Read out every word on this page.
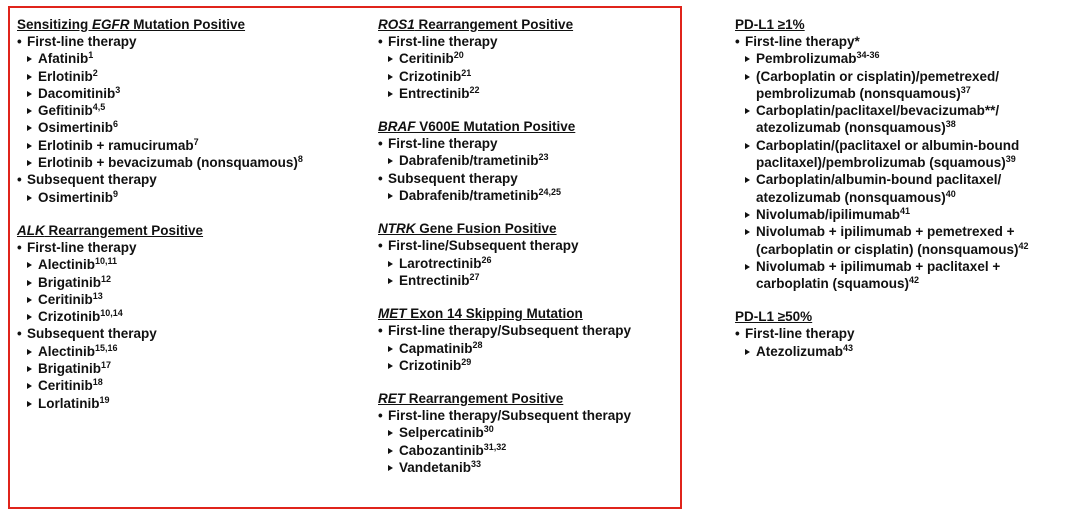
Sensitizing EGFR Mutation Positive
• First-line therapy
Afatinib$^1$
Erlotinib$^2$
Dacomitinib$^3$
Gefitinib$^{4,5}$
Osimertinib$^6$
Erlotinib + ramucirumab$^7$
Erlotinib + bevacizumab (nonsquamous)$^8$
• Subsequent therapy
Osimertinib$^9$
ALK Rearrangement Positive
• First-line therapy
Alectinib$^{10,11}$
Brigatinib$^{12}$
Ceritinib$^{13}$
Crizotinib$^{10,14}$
• Subsequent therapy
Alectinib$^{15,16}$
Brigatinib$^{17}$
Ceritinib$^{18}$
Lorlatinib$^{19}$
ROS1 Rearrangement Positive
• First-line therapy
Ceritinib$^{20}$
Crizotinib$^{21}$
Entrectinib$^{22}$
BRAF V600E Mutation Positive
• First-line therapy
Dabrafenib/trametinib$^{23}$
• Subsequent therapy
Dabrafenib/trametinib$^{24,25}$
NTRK Gene Fusion Positive
• First-line/Subsequent therapy
Larotrectinib$^{26}$
Entrectinib$^{27}$
MET Exon 14 Skipping Mutation
• First-line therapy/Subsequent therapy
Capmatinib$^{28}$
Crizotinib$^{29}$
RET Rearrangement Positive
• First-line therapy/Subsequent therapy
Selpercatinib$^{30}$
Cabozantinib$^{31,32}$
Vandetanib$^{33}$
PD-L1 ≥1%
• First-line therapy*
Pembrolizumab$^{34-36}$
(Carboplatin or cisplatin)/pemetrexed/
pembrolizumab (nonsquamous)$^{37}$
Carboplatin/paclitaxel/bevacizumab**/
atezolizumab (nonsquamous)$^{38}$
Carboplatin/(paclitaxel or albumin-bound
paclitaxel)/pembrolizumab (squamous)$^{39}$
Carboplatin/albumin-bound paclitaxel/
atezolizumab (nonsquamous)$^{40}$
Nivolumab/ipilimumab$^{41}$
Nivolumab + ipilimumab + pemetrexed +
(carboplatin or cisplatin) (nonsquamous)$^{42}$
Nivolumab + ipilimumab + paclitaxel +
carboplatin (squamous)$^{42}$
PD-L1 ≥50%
• First-line therapy
Atezolizumab$^{43}$
